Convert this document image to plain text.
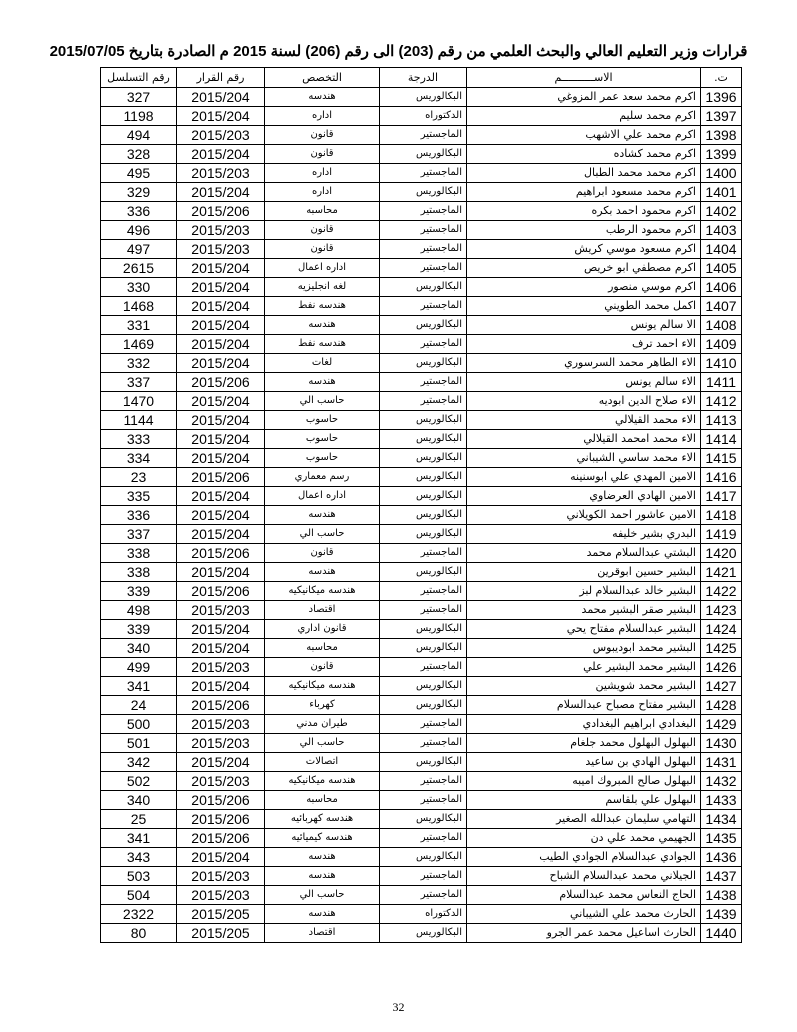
قرارات وزير التعليم العالي والبحث العلمي من رقم (203) الى رقم (206) لسنة 2015 م الصادرة بتاريخ 2015/07/05
ت.	الاســــــــــم	الدرجة	التخصص	رقم القرار	رقم التسلسل
1396	اكرم محمد سعد عمر المزوغي	البكالوريس	هندسه	2015/204	327
1397	اكرم محمد سليم	الدكتوراه	اداره	2015/204	1198
1398	اكرم محمد علي الاشهب	الماجستير	قانون	2015/203	494
1399	اكرم محمد كشاده	البكالوريس	قانون	2015/204	328
1400	اكرم محمد محمد الطبال	الماجستير	اداره	2015/203	495
1401	اكرم محمد مسعود ابراهيم	البكالوريس	اداره	2015/204	329
1402	اكرم محمود احمد بكره	الماجستير	محاسبه	2015/206	336
1403	اكرم محمود الرطب	الماجستير	قانون	2015/203	496
1404	اكرم مسعود موسي كريش	الماجستير	قانون	2015/203	497
1405	اكرم مصطفي ابو خريص	الماجستير	اداره اعمال	2015/204	2615
1406	اكرم موسي منصور	البكالوريس	لغه انجليزيه	2015/204	330
1407	اكمل محمد الطويني	الماجستير	هندسه نفط	2015/204	1468
1408	الا سالم يونس	البكالوريس	هندسه	2015/204	331
1409	الاء احمد ترف	الماجستير	هندسه نفط	2015/204	1469
1410	الاء الطاهر محمد السرسوري	البكالوريس	لغات	2015/204	332
1411	الاء سالم يونس	الماجستير	هندسه	2015/206	337
1412	الاء صلاح الدين ابوديه	الماجستير	حاسب الي	2015/204	1470
1413	الاء محمد القيلالي	البكالوريس	حاسوب	2015/204	1144
1414	الاء محمد امحمد القيلالي	البكالوريس	حاسوب	2015/204	333
1415	الاء محمد ساسي الشيباني	البكالوريس	حاسوب	2015/204	334
1416	الامين المهدي علي ابوسنينه	البكالوريس	رسم معماري	2015/206	23
1417	الامين الهادي العرضاوي	البكالوريس	اداره اعمال	2015/204	335
1418	الامين عاشور احمد الكويلاني	البكالوريس	هندسه	2015/204	336
1419	البدري بشير خليفه	البكالوريس	حاسب الي	2015/204	337
1420	البشتي عبدالسلام محمد	الماجستير	قانون	2015/206	338
1421	البشير حسين ابوقرين	البكالوريس	هندسه	2015/204	338
1422	البشير خالد عبدالسلام لبز	الماجستير	هندسه ميكانيكيه	2015/206	339
1423	البشير صقر البشير محمد	الماجستير	اقتصاد	2015/203	498
1424	البشير عبدالسلام مفتاح يحي	البكالوريس	قانون اداري	2015/204	339
1425	البشير محمد ابوديبوس	البكالوريس	محاسبه	2015/204	340
1426	البشير محمد البشير علي	الماجستير	قانون	2015/203	499
1427	البشير محمد شويشين	البكالوريس	هندسه ميكانيكيه	2015/204	341
1428	البشير مفتاح مصباح عبدالسلام	البكالوريس	كهرباء	2015/206	24
1429	البغدادي ابراهيم البغدادي	الماجستير	طيران مدني	2015/203	500
1430	البهلول البهلول محمد جلغام	الماجستير	حاسب الي	2015/203	501
1431	البهلول الهادي بن ساعيد	البكالوريس	اتصالات	2015/204	342
1432	البهلول صالح المبروك اميبه	الماجستير	هندسه ميكانيكيه	2015/203	502
1433	البهلول علي بلقاسم	الماجستير	محاسبه	2015/206	340
1434	التهامي سليمان عبدالله الصغير	البكالوريس	هندسه كهربائيه	2015/206	25
1435	الجهيمي محمد علي دن	الماجستير	هندسه كيميائيه	2015/206	341
1436	الجوادي عبدالسلام الجوادي الطيب	البكالوريس	هندسه	2015/204	343
1437	الجيلاني محمد عبدالسلام الشباح	الماجستير	هندسه	2015/203	503
1438	الحاج النعاس محمد عبدالسلام	الماجستير	حاسب الي	2015/203	504
1439	الحارث محمد علي الشيباني	الدكتوراه	هندسه	2015/205	2322
1440	الحارث اساعيل محمد عمر الجرو	البكالوريس	اقتصاد	2015/205	80
32
